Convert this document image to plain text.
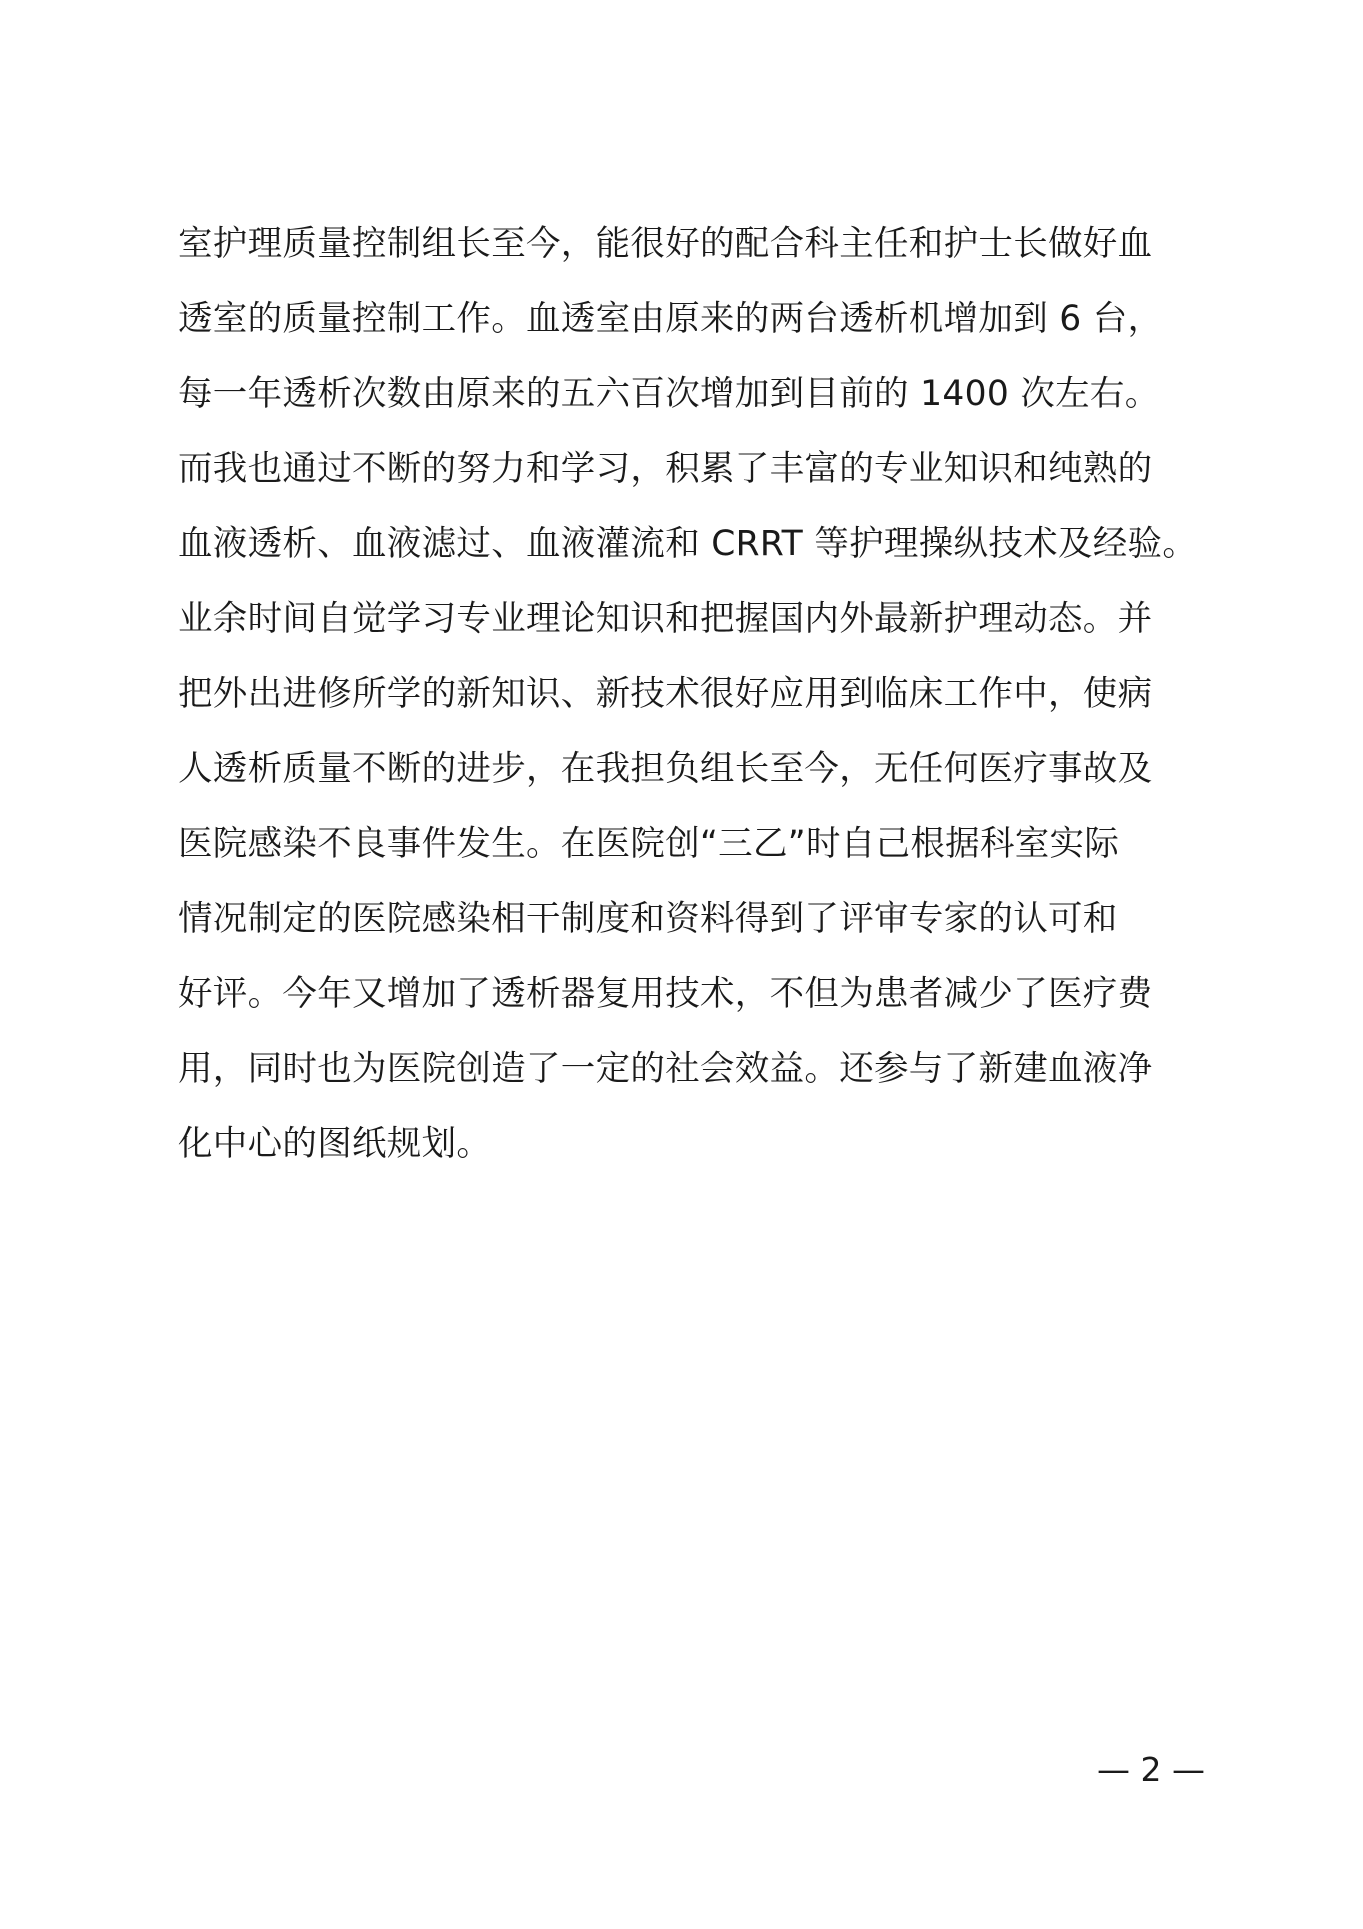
室护理质量控制组长至今，能很好的配合科主任和护士长做好血
透室的质量控制工作。血透室由原来的两台透析机增加到 6 台，
每一年透析次数由原来的五六百次增加到目前的 1400 次左右。
而我也通过不断的努力和学习，积累了丰富的专业知识和纯熟的
血液透析、血液滤过、血液灌流和 CRRT 等护理操纵技术及经验。
业余时间自觉学习专业理论知识和把握国内外最新护理动态。并
把外出进修所学的新知识、新技术很好应用到临床工作中，使病
人透析质量不断的进步，在我担负组长至今，无任何医疗事故及
医院感染不良事件发生。在医院创“三乙”时自己根据科室实际
情况制定的医院感染相干制度和资料得到了评审专家的认可和
好评。今年又增加了透析器复用技术，不但为患者减少了医疗费
用，同时也为医院创造了一定的社会效益。还参与了新建血液净
化中心的图纸规划。
— 2 —
